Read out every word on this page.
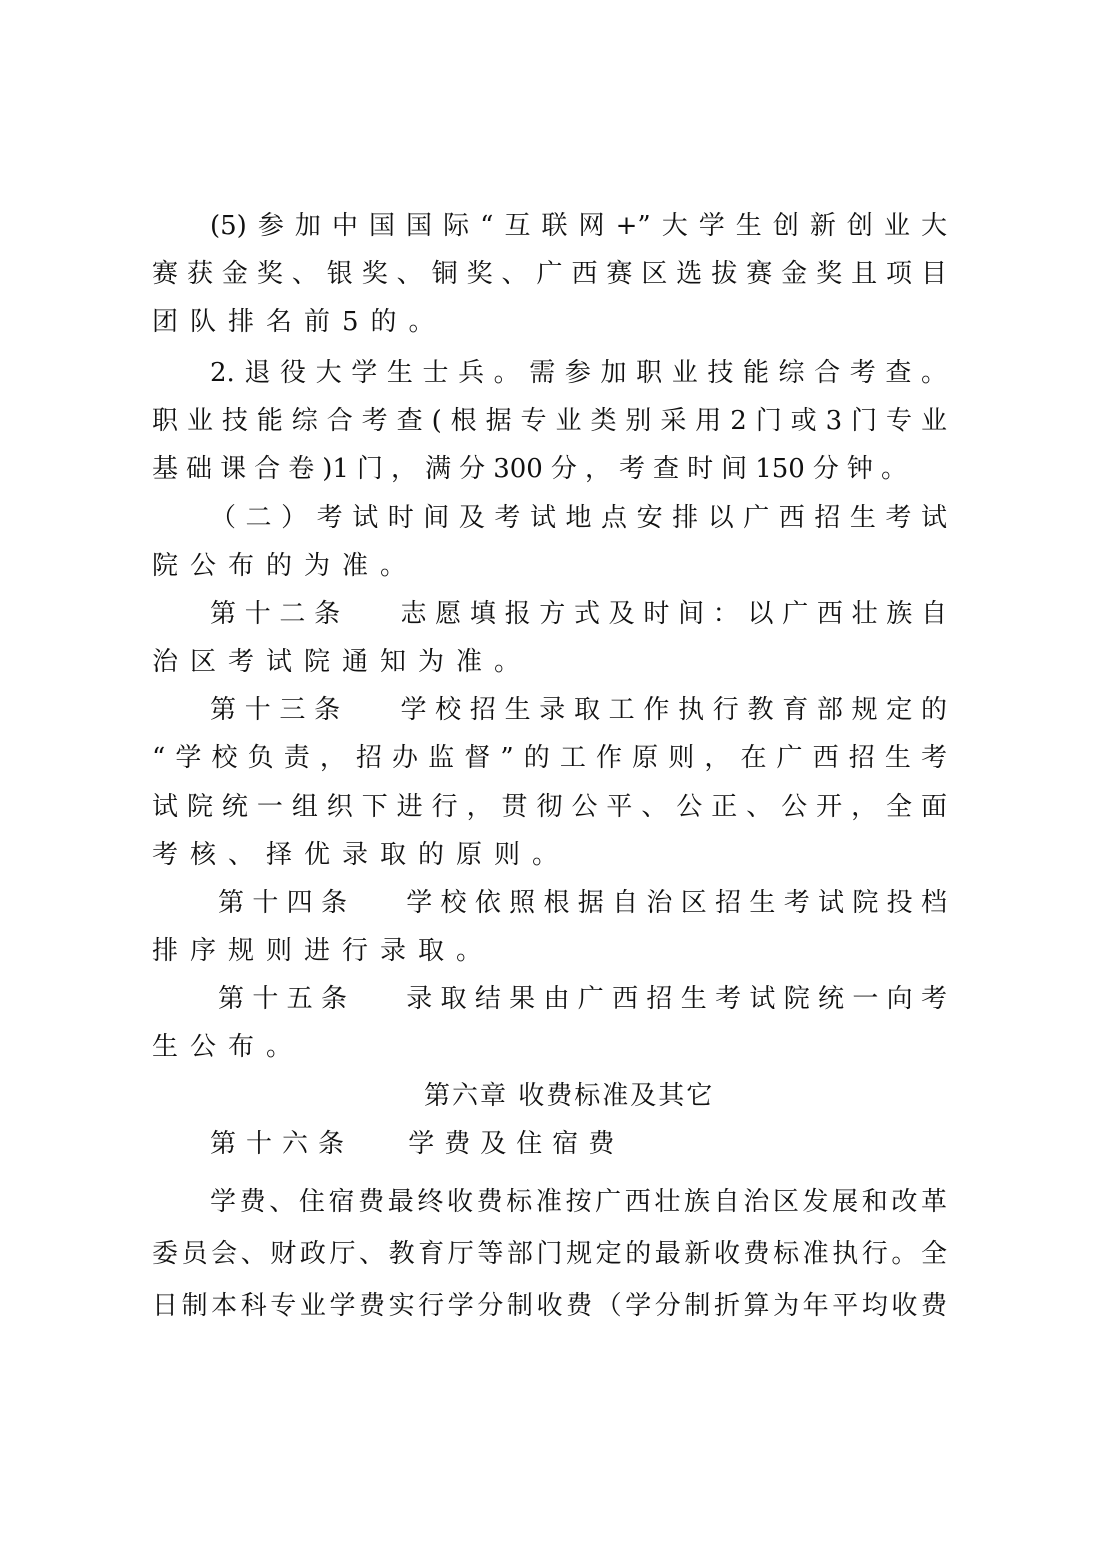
(5)参加中国国际“互联网+”大学生创新创业大
赛获金奖、银奖、铜奖、广西赛区选拔赛金奖且项目
团队排名前5的。
2.退役大学生士兵。需参加职业技能综合考查。
职业技能综合考查(根据专业类别采用2门或3门专业
基础课合卷)1门，满分300分，考查时间150分钟。
（二）考试时间及考试地点安排以广西招生考试
院公布的为准。
第十二条　 志愿填报方式及时间：以广西壮族自
治区考试院通知为准。
第十三条　 学校招生录取工作执行教育部规定的
“学校负责，招办监督”的工作原则，在广西招生考
试院统一组织下进行，贯彻公平、公正、公开，全面
考核、择优录取的原则。
第十四条　 学校依照根据自治区招生考试院投档
排序规则进行录取。
第十五条　 录取结果由广西招生考试院统一向考
生公布。
第六章 收费标准及其它
第十六条　 学费及住宿费
学费、住宿费最终收费标准按广西壮族自治区发展和改革
委员会、财政厅、教育厅等部门规定的最新收费标准执行。全
日制本科专业学费实行学分制收费（学分制折算为年平均收费
